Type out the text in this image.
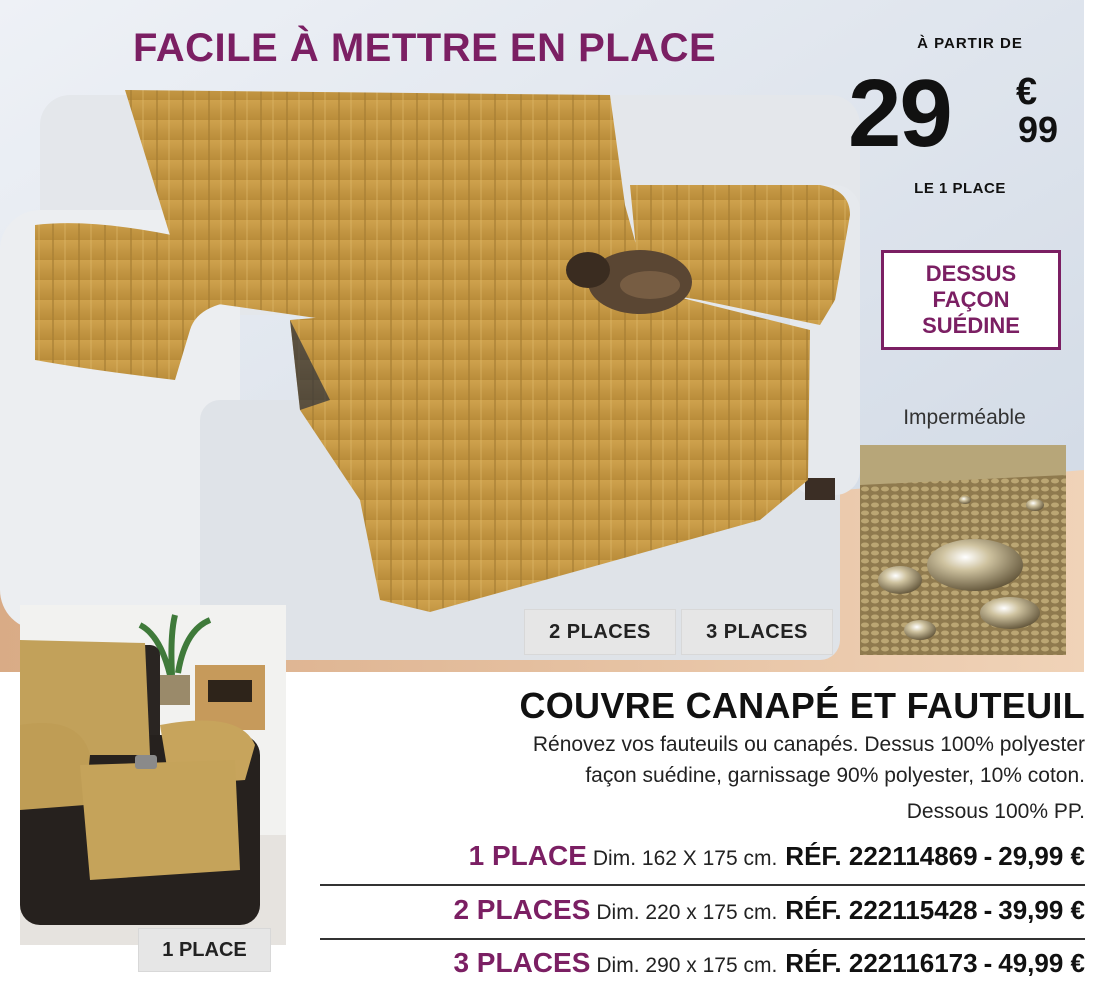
FACILE À METTRE EN PLACE	À PARTIR DE
29 €
99
LE 1 PLACE
DESSUS
FAÇON
SUÉDINE
Imperméable
2 PLACES	3 PLACES
1 PLACE
COUVRE CANAPÉ ET FAUTEUIL
Rénovez vos fauteuils ou canapés. Dessus 100% polyester
façon suédine, garnissage 90% polyester, 10% coton.
Dessous 100% PP.
1 PLACE Dim. 162 X 175 cm. RÉF. 222114869 - 29,99 €
2 PLACES Dim. 220 x 175 cm. RÉF. 222115428 - 39,99 €
3 PLACES Dim. 290 x 175 cm. RÉF. 222116173 - 49,99 €
